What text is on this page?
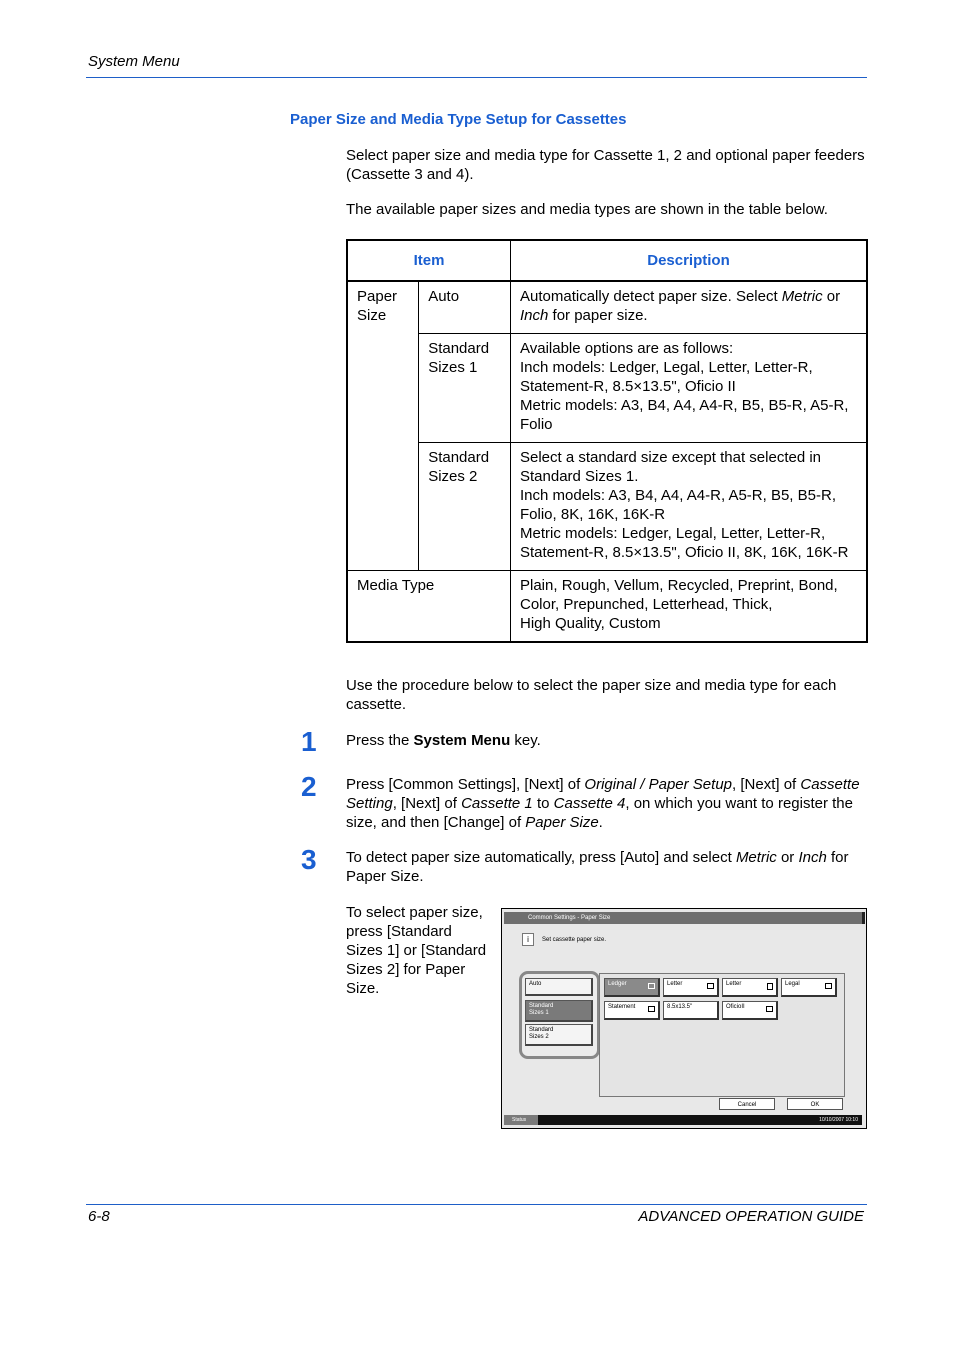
System Menu
Paper Size and Media Type Setup for Cassettes
Select paper size and media type for Cassette 1, 2 and optional paper feeders (Cassette 3 and 4).
The available paper sizes and media types are shown in the table below.
Item		Description
Paper Size	Auto	Automatically detect paper size. Select Metric or Inch for paper size.
	Standard Sizes 1	Available options are as follows:
Inch models: Ledger, Legal, Letter, Letter-R, Statement-R, 8.5×13.5", Oficio II
Metric models: A3, B4, A4, A4-R, B5, B5-R, A5-R, Folio
	Standard Sizes 2	Select a standard size except that selected in Standard Sizes 1.
Inch models: A3, B4, A4, A4-R, A5-R, B5, B5-R, Folio, 8K, 16K, 16K-R
Metric models: Ledger, Legal, Letter, Letter-R, Statement-R, 8.5×13.5", Oficio II, 8K, 16K, 16K-R
Media Type		Plain, Rough, Vellum, Recycled, Preprint, Bond, Color, Prepunched, Letterhead, Thick,
High Quality, Custom
Use the procedure below to select the paper size and media type for each cassette.
1 Press the System Menu key.
2 Press [Common Settings], [Next] of Original / Paper Setup, [Next] of Cassette Setting, [Next] of Cassette 1 to Cassette 4, on which you want to register the size, and then [Change] of Paper Size.
3 To detect paper size automatically, press [Auto] and select Metric or Inch for Paper Size.
To select paper size, press [Standard Sizes 1] or [Standard Sizes 2] for Paper Size.
Common Settings - Paper Size
i	Set cassette paper size.
Auto
Standard
Sizes 1
Standard
Sizes 2
Ledger	Letter	Letter	Legal
Statement	8.5x13.5"	OficioII
Cancel	OK
Status	10/10/2007 10:10
6-8	ADVANCED OPERATION GUIDE
